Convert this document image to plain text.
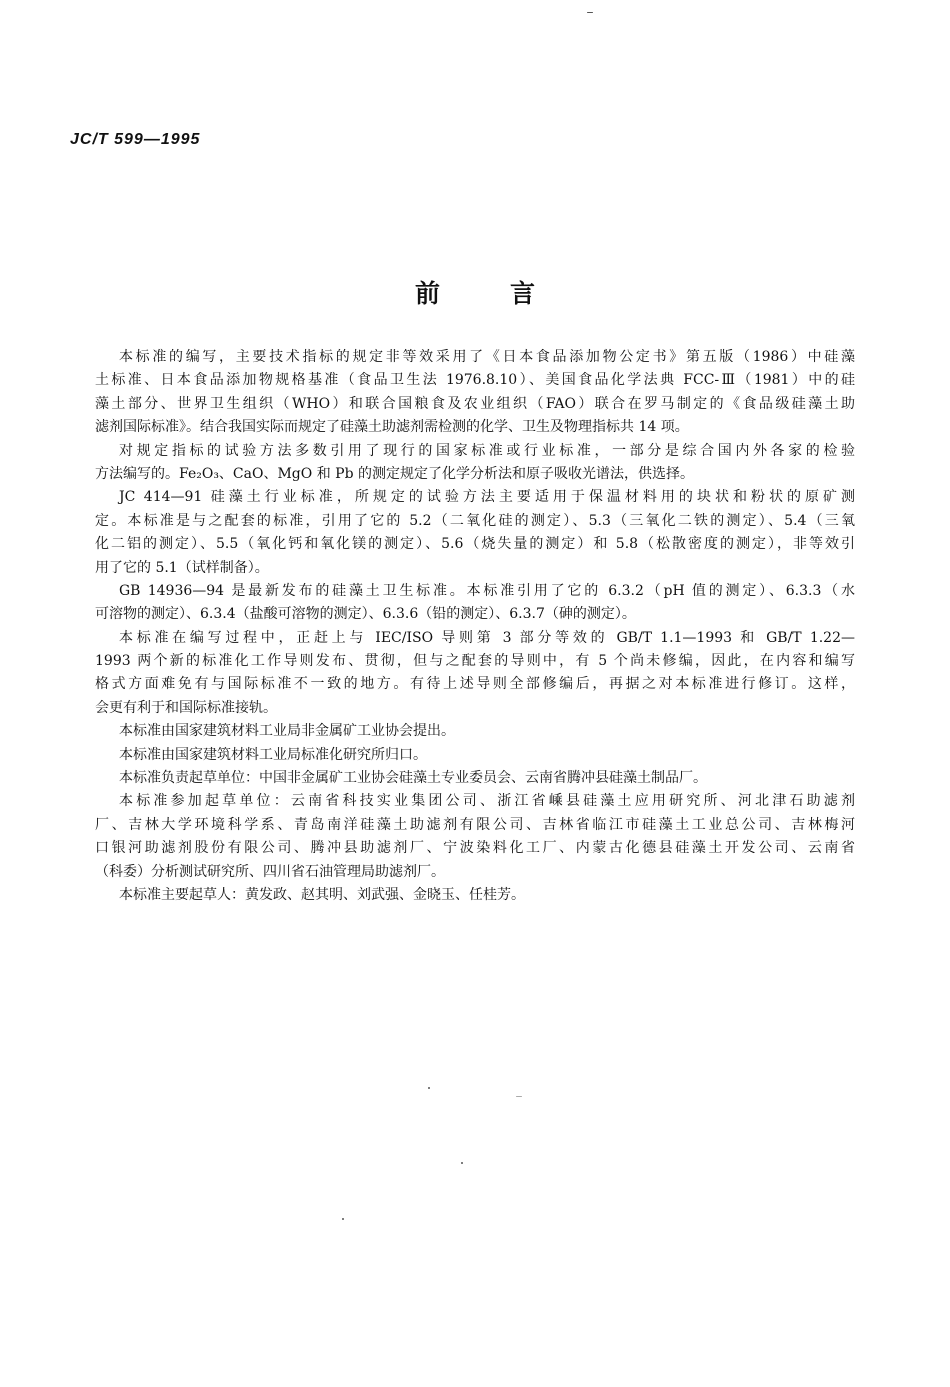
JC/T 599—1995
前	言
本标准的编写，主要技术指标的规定非等效采用了《日本食品添加物公定书》第五版（1986）中硅藻
土标准、日本食品添加物规格基准（食品卫生法 1976.8.10）、美国食品化学法典 FCC-Ⅲ（1981）中的硅
藻土部分、世界卫生组织（WHO）和联合国粮食及农业组织（FAO）联合在罗马制定的《食品级硅藻土助
滤剂国际标准》。结合我国实际而规定了硅藻土助滤剂需检测的化学、卫生及物理指标共 14 项。
对规定指标的试验方法多数引用了现行的国家标准或行业标准，一部分是综合国内外各家的检验
方法编写的。Fe₂O₃、CaO、MgO 和 Pb 的测定规定了化学分析法和原子吸收光谱法，供选择。
JC 414—91 硅藻土行业标准，所规定的试验方法主要适用于保温材料用的块状和粉状的原矿测
定。本标准是与之配套的标准，引用了它的 5.2（二氧化硅的测定）、5.3（三氧化二铁的测定）、5.4（三氧
化二铝的测定）、5.5（氧化钙和氧化镁的测定）、5.6（烧失量的测定）和 5.8（松散密度的测定），非等效引
用了它的 5.1（试样制备）。
GB 14936—94 是最新发布的硅藻土卫生标准。本标准引用了它的 6.3.2（pH 值的测定）、6.3.3（水
可溶物的测定）、6.3.4（盐酸可溶物的测定）、6.3.6（铅的测定）、6.3.7（砷的测定）。
本标准在编写过程中，正赶上与 IEC/ISO 导则第 3 部分等效的 GB/T 1.1—1993 和 GB/T 1.22—
1993 两个新的标准化工作导则发布、贯彻，但与之配套的导则中，有 5 个尚未修编，因此，在内容和编写
格式方面难免有与国际标准不一致的地方。有待上述导则全部修编后，再据之对本标准进行修订。这样，
会更有利于和国际标准接轨。
本标准由国家建筑材料工业局非金属矿工业协会提出。
本标准由国家建筑材料工业局标准化研究所归口。
本标准负责起草单位：中国非金属矿工业协会硅藻土专业委员会、云南省腾冲县硅藻土制品厂。
本标准参加起草单位：云南省科技实业集团公司、浙江省嵊县硅藻土应用研究所、河北津石助滤剂
厂、吉林大学环境科学系、青岛南洋硅藻土助滤剂有限公司、吉林省临江市硅藻土工业总公司、吉林梅河
口银河助滤剂股份有限公司、腾冲县助滤剂厂、宁波染料化工厂、内蒙古化德县硅藻土开发公司、云南省
（科委）分析测试研究所、四川省石油管理局助滤剂厂。
本标准主要起草人：黄发政、赵其明、刘武强、金晓玉、任桂芳。
